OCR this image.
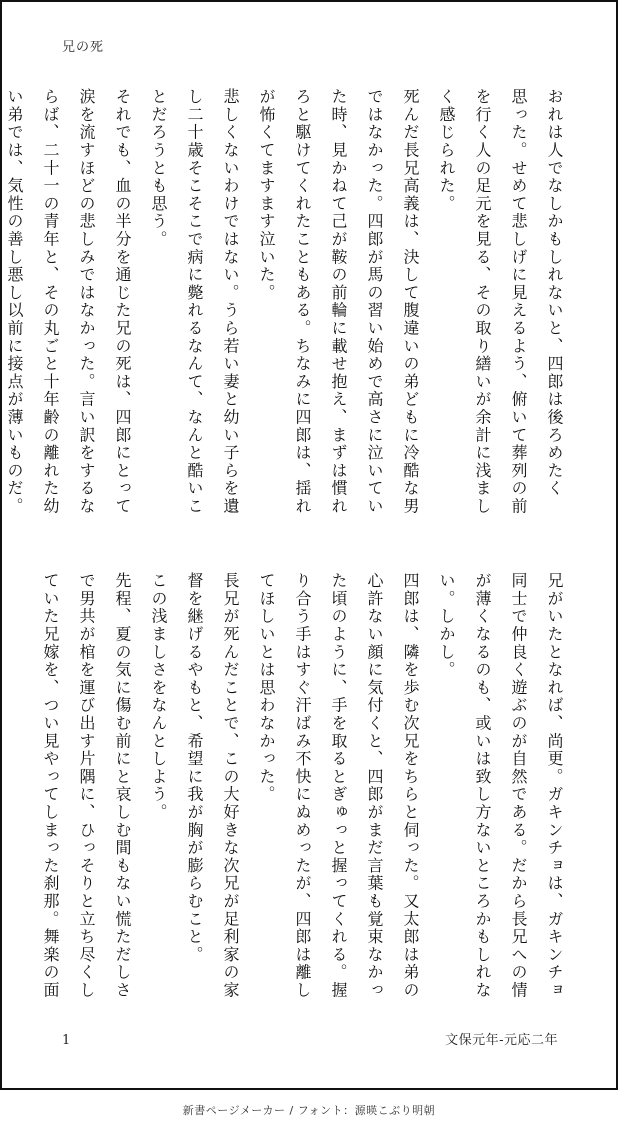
兄の死
おれは人でなしかもしれないと、四郎は後ろめたく
思った。せめて悲しげに見えるよう、俯いて葬列の前
を行く人の足元を見る、その取り繕いが余計に浅まし
く感じられた。
死んだ長兄高義は、決して腹違いの弟どもに冷酷な男
ではなかった。四郎が馬の習い始めで高さに泣いてい
た時、見かねて己が鞍の前輪に載せ抱え、まずは慣れ
ろと駆けてくれたこともある。ちなみに四郎は、揺れ
が怖くてますます泣いた。
悲しくないわけではない。うら若い妻と幼い子らを遺
し二十歳そこそこで病に斃れるなんて、なんと酷いこ
とだろうとも思う。
それでも、血の半分を通じた兄の死は、四郎にとって
涙を流すほどの悲しみではなかった。言い訳をするな
らば、二十一の青年と、その丸ごと十年齢の離れた幼
い弟では、気性の善し悪し以前に接点が薄いものだ。
兄がいたとなれば、尚更。ガキンチョは、ガキンチョ
同士で仲良く遊ぶのが自然である。だから長兄への情
が薄くなるのも、或いは致し方ないところかもしれな
い。しかし。
四郎は、隣を歩む次兄をちらと伺った。又太郎は弟の
心許ない顔に気付くと、四郎がまだ言葉も覚束なかっ
た頃のように、手を取るとぎゅっと握ってくれる。握
り合う手はすぐ汗ばみ不快にぬめったが、四郎は離し
てほしいとは思わなかった。
長兄が死んだことで、この大好きな次兄が足利家の家
督を継げるやもと、希望に我が胸が膨らむこと。
この浅ましさをなんとしよう。
先程、夏の気に傷む前にと哀しむ間もない慌ただしさ
で男共が棺を運び出す片隅に、ひっそりと立ち尽くし
ていた兄嫁を、つい見やってしまった刹那。舞楽の面
1	文保元年-元応二年
新書ページメーカー / フォント：源暎こぶり明朝
